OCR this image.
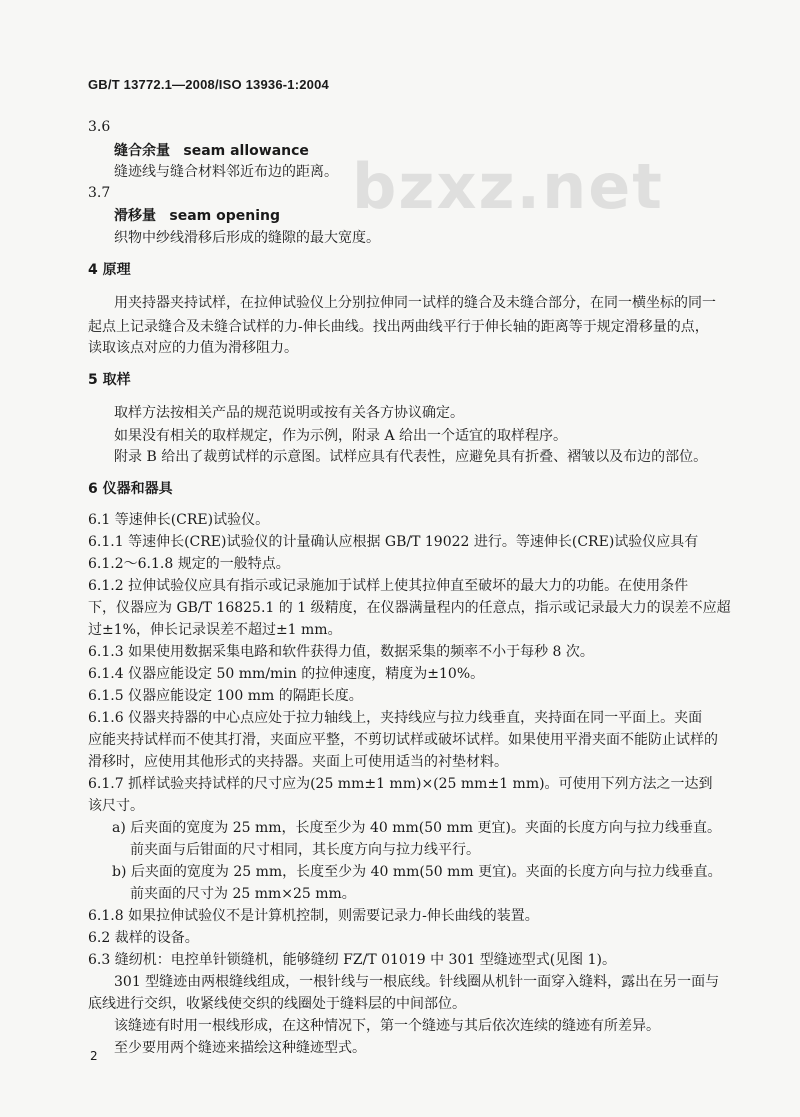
bzxz.net
GB/T 13772.1—2008/ISO 13936-1:2004
3.6
缝合余量 seam allowance
缝迹线与缝合材料邻近布边的距离。
3.7
滑移量 seam opening
织物中纱线滑移后形成的缝隙的最大宽度。
4 原理
用夹持器夹持试样，在拉伸试验仪上分别拉伸同一试样的缝合及未缝合部分，在同一横坐标的同一
起点上记录缝合及未缝合试样的力-伸长曲线。找出两曲线平行于伸长轴的距离等于规定滑移量的点，
读取该点对应的力值为滑移阻力。
5 取样
取样方法按相关产品的规范说明或按有关各方协议确定。
如果没有相关的取样规定，作为示例，附录 A 给出一个适宜的取样程序。
附录 B 给出了裁剪试样的示意图。试样应具有代表性，应避免具有折叠、褶皱以及布边的部位。
6 仪器和器具
6.1 等速伸长(CRE)试验仪。
6.1.1 等速伸长(CRE)试验仪的计量确认应根据 GB/T 19022 进行。等速伸长(CRE)试验仪应具有
6.1.2～6.1.8 规定的一般特点。
6.1.2 拉伸试验仪应具有指示或记录施加于试样上使其拉伸直至破坏的最大力的功能。在使用条件
下，仪器应为 GB/T 16825.1 的 1 级精度，在仪器满量程内的任意点，指示或记录最大力的误差不应超
过±1%，伸长记录误差不超过±1 mm。
6.1.3 如果使用数据采集电路和软件获得力值，数据采集的频率不小于每秒 8 次。
6.1.4 仪器应能设定 50 mm/min 的拉伸速度，精度为±10%。
6.1.5 仪器应能设定 100 mm 的隔距长度。
6.1.6 仪器夹持器的中心点应处于拉力轴线上，夹持线应与拉力线垂直，夹持面在同一平面上。夹面
应能夹持试样而不使其打滑，夹面应平整，不剪切试样或破坏试样。如果使用平滑夹面不能防止试样的
滑移时，应使用其他形式的夹持器。夹面上可使用适当的衬垫材料。
6.1.7 抓样试验夹持试样的尺寸应为(25 mm±1 mm)×(25 mm±1 mm)。可使用下列方法之一达到
该尺寸。
a) 后夹面的宽度为 25 mm，长度至少为 40 mm(50 mm 更宜)。夹面的长度方向与拉力线垂直。
前夹面与后钳面的尺寸相同，其长度方向与拉力线平行。
b) 后夹面的宽度为 25 mm，长度至少为 40 mm(50 mm 更宜)。夹面的长度方向与拉力线垂直。
前夹面的尺寸为 25 mm×25 mm。
6.1.8 如果拉伸试验仪不是计算机控制，则需要记录力-伸长曲线的装置。
6.2 裁样的设备。
6.3 缝纫机：电控单针锁缝机，能够缝纫 FZ/T 01019 中 301 型缝迹型式(见图 1)。
301 型缝迹由两根缝线组成，一根针线与一根底线。针线圈从机针一面穿入缝料，露出在另一面与
底线进行交织，收紧线使交织的线圈处于缝料层的中间部位。
该缝迹有时用一根线形成，在这种情况下，第一个缝迹与其后依次连续的缝迹有所差异。
至少要用两个缝迹来描绘这种缝迹型式。
2
